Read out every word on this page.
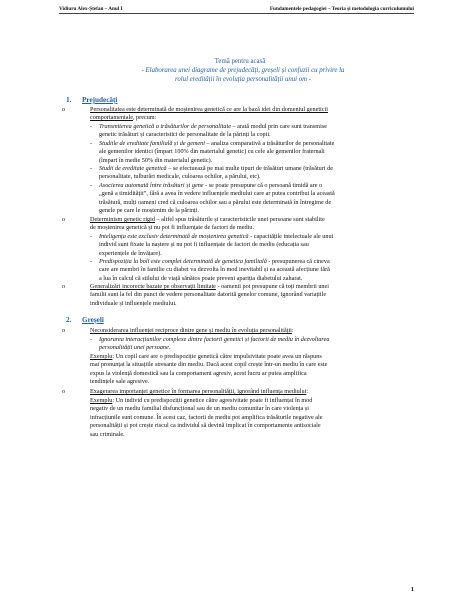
Vidiuru Alex-Ștefan – Anul I	Fundamentele pedagogiei – Teoria și metodologia curriculumului
Temă pentru acasă
- Elaborarea unei diagrame de prejudecăți, greșeli și confuzii cu privire la
rolul eredității în evoluția personalității unui om -
1. Prejudecăți
o	Personalitatea este determinată de moștenirea genetică ce are la bază idei din domeniul geneticii
comportamentale, precum:
- Transmiterea genetică a trăsăturilor de personalitate – arată modul prin care sunt transmise
genetic trăsături și caracteristici de personalitate de la părinți la copii.
- Studiile de ereditate familială și de gemeni – analiza comparativă a trăsăturilor de personalitate
ale gemenilor identici (împart 100% din materialul genetic) cu cele ale gemenilor fraternali
(împart în medie 50% din materialul genetic).
- Studii de ereditate genetică – se efectuează pe mai multe tipuri de trăsături umane (trăsături de
personalitate, tulburări medicale, culoarea ochilor, a părului, etc).
- Asocierea automată între trăsături și gene - se poate presupune că o persoană timidă are o
„genă a timidității”, fără a avea în vedere influențele mediului care ar putea contribui la această
trăsătură, mulți oameni cred că culoarea ochilor sau a părului este determinată în întregime de
genele pe care le moștenim de la părinți.
o	Determinism genetic rigid – altfel spus trăsăturile și caracteristicile unei persoane sunt stabilite
de moștenirea genetică și nu pot fi influențate de factori de mediu.
- Inteligența este exclusiv determinată de moștenirea genetică - capacitățile intelectuale ale unui
individ sunt fixate la naștere și nu pot fi influențate de factori de mediu (educația sau
experiențele de învățare).
- Predispoziția la boli este complet determinată de genetica familială - presupunerea că cineva
care are membri în familie cu diabet va dezvolta în mod inevitabil și ea această afecțiune fără
a lua în calcul că stilului de viață sănătos poate preveni apariția diabetului zaharat.
o	Generalizări incorecte bazate pe observații limitate - oamenii pot presupune că toți membrii unei
familii sunt la fel din punct de vedere personalitate datorită genelor comune, ignorând variațiile
individuale și influențele mediului.
2. Greșeli
o	Neconsiderarea influenței reciproce dintre gene și mediu în evoluția personalității:
- Ignorarea interacțiunilor complexe dintre factorii genetici și factorii de mediu în dezvoltarea
personalității unei persoane.
Exemplu: Un copil care are o predispoziție genetică către impulsivitate poate avea un răspuns
mai pronunțat la situațiile stresante din mediu. Dacă acest copil crește într-un mediu în care este
expus la violență domestică sau la comportament agresiv, acest lucru ar putea amplifica
tendințele sale agresive.
o	Exagerarea importanței genetice în formarea personalității, ignorând influența mediului:
Exemplu: Un individ cu predispoziții genetice către agresivitate poate fi influențat în mod
negativ de un mediu familial disfuncțional sau de un mediu comunitar în care violența și
infracțiunile sunt comune. În acest caz, factorii de mediu pot amplifica trăsăturile negative ale
personalității și pot crește riscul ca individul să devină implicat în comportamente antisociale
sau criminale.
1
